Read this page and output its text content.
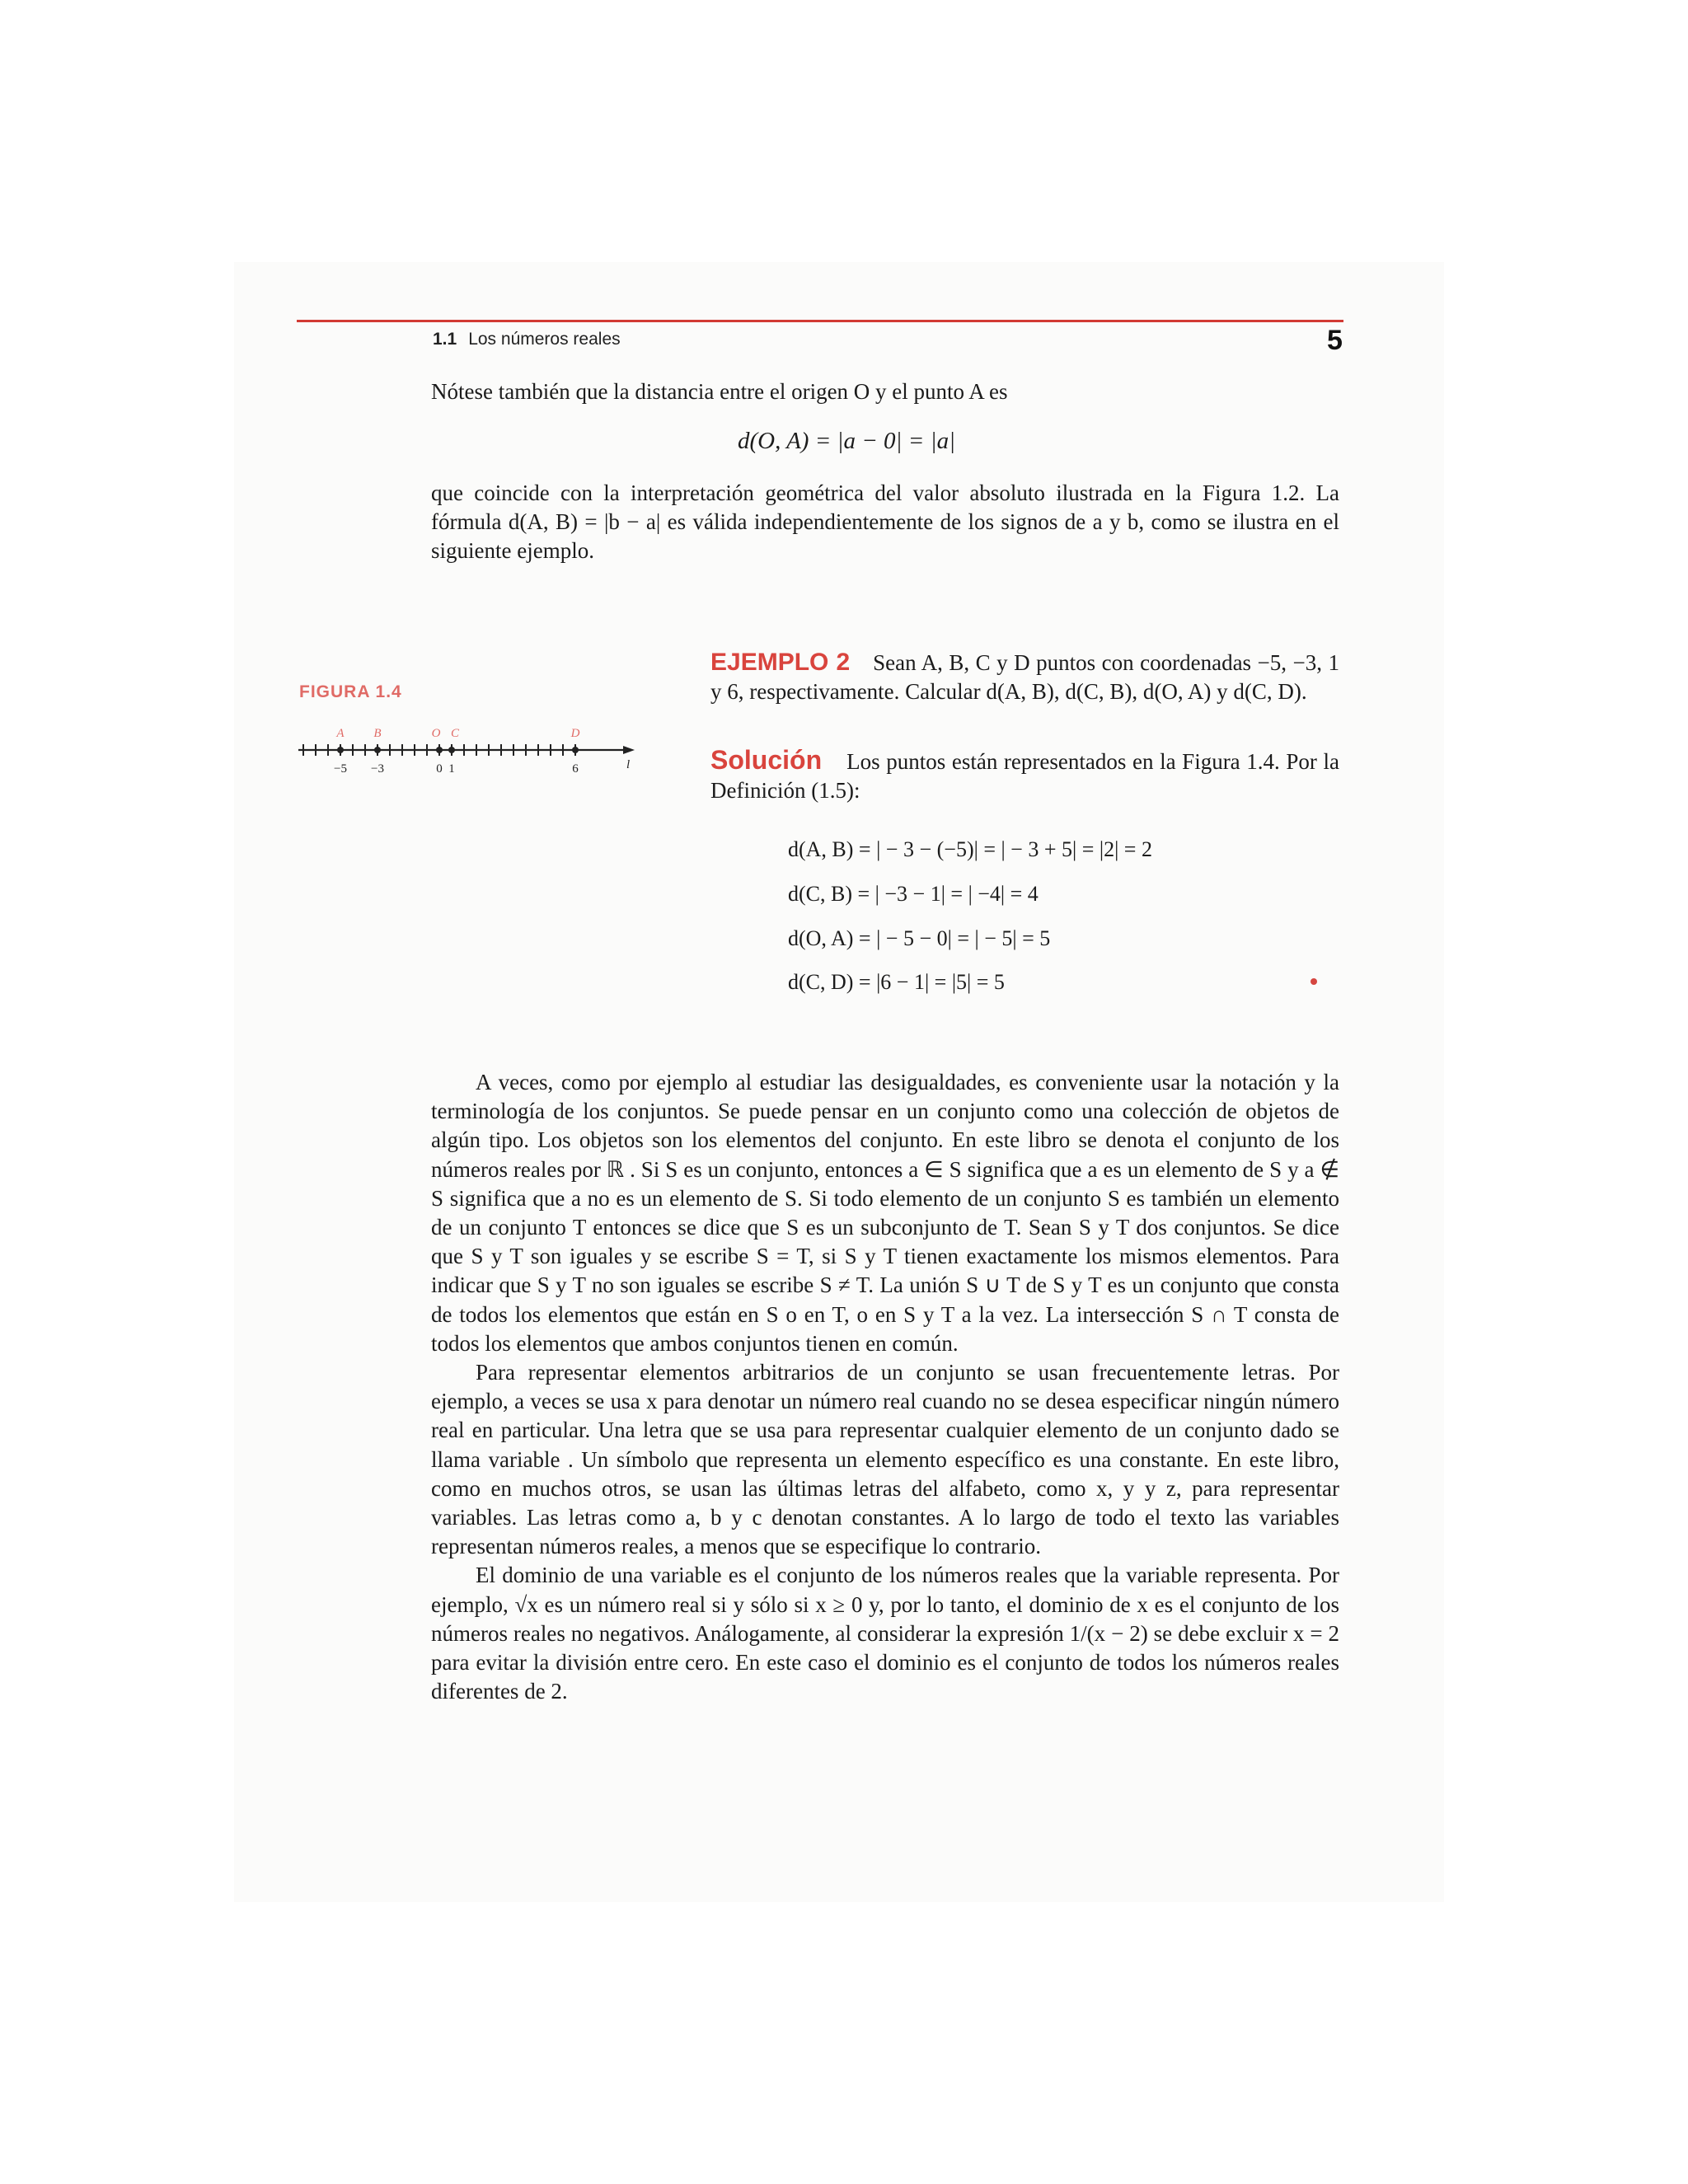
1.1 Los números reales	5

Nótese también que la distancia entre el origen O y el punto A es

d(O, A) = |a − 0| = |a|

que coincide con la interpretación geométrica del valor absoluto ilustrada en la Figura 1.2. La fórmula d(A, B) = |b − a| es válida independientemente de los signos de a y b, como se ilustra en el siguiente ejemplo.

FIGURA 1.4
A B	O C	D
−5 −3	0 1	6	l
EJEMPLO 2 Sean A, B, C y D puntos con coordenadas −5, −3, 1 y 6, respectivamente. Calcular d(A, B), d(C, B), d(O, A) y d(C, D).
Solución Los puntos están representados en la Figura 1.4. Por la Definición (1.5):
d(A, B) = | − 3 − (−5)| = | − 3 + 5| = |2| = 2
d(C, B) = | −3 − 1| = | −4| = 4
d(O, A) = | − 5 − 0| = | − 5| = 5
d(C, D) = |6 − 1| = |5| = 5

A veces, como por ejemplo al estudiar las desigualdades, es conveniente usar la notación y la terminología de los conjuntos. Se puede pensar en un conjunto como una colección de objetos de algún tipo. Los objetos son los elementos del conjunto. En este libro se denota el conjunto de los números reales por ℝ . Si S es un conjunto, entonces a ∈ S significa que a es un elemento de S y a ∉ S significa que a no es un elemento de S. Si todo elemento de un conjunto S es también un elemento de un conjunto T entonces se dice que S es un subconjunto de T. Sean S y T dos conjuntos. Se dice que S y T son iguales y se escribe S = T, si S y T tienen exactamente los mismos elementos. Para indicar que S y T no son iguales se escribe S ≠ T. La unión S ∪ T de S y T es un conjunto que consta de todos los elementos que están en S o en T, o en S y T a la vez. La intersección S ∩ T consta de todos los elementos que ambos conjuntos tienen en común.

Para representar elementos arbitrarios de un conjunto se usan frecuentemente letras. Por ejemplo, a veces se usa x para denotar un número real cuando no se desea especificar ningún número real en particular. Una letra que se usa para representar cualquier elemento de un conjunto dado se llama variable . Un símbolo que representa un elemento específico es una constante. En este libro, como en muchos otros, se usan las últimas letras del alfabeto, como x, y y z, para representar variables. Las letras como a, b y c denotan constantes. A lo largo de todo el texto las variables representan números reales, a menos que se especifique lo contrario.

El dominio de una variable es el conjunto de los números reales que la variable representa. Por ejemplo, √x es un número real si y sólo si x ≥ 0 y, por lo tanto, el dominio de x es el conjunto de los números reales no negativos. Análogamente, al considerar la expresión 1/(x − 2) se debe excluir x = 2 para evitar la división entre cero. En este caso el dominio es el conjunto de todos los números reales diferentes de 2.
